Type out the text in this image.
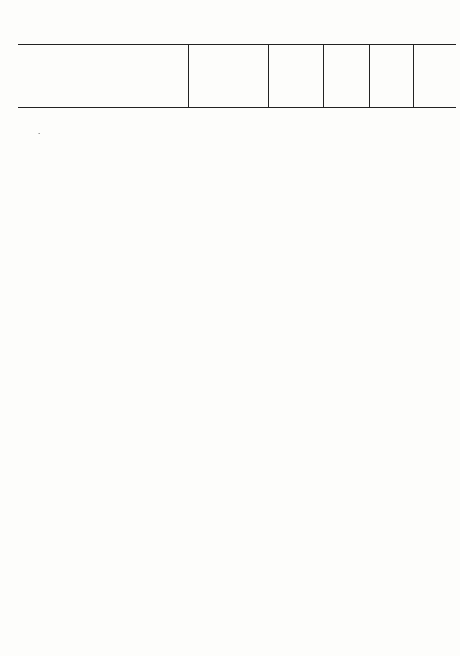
·
